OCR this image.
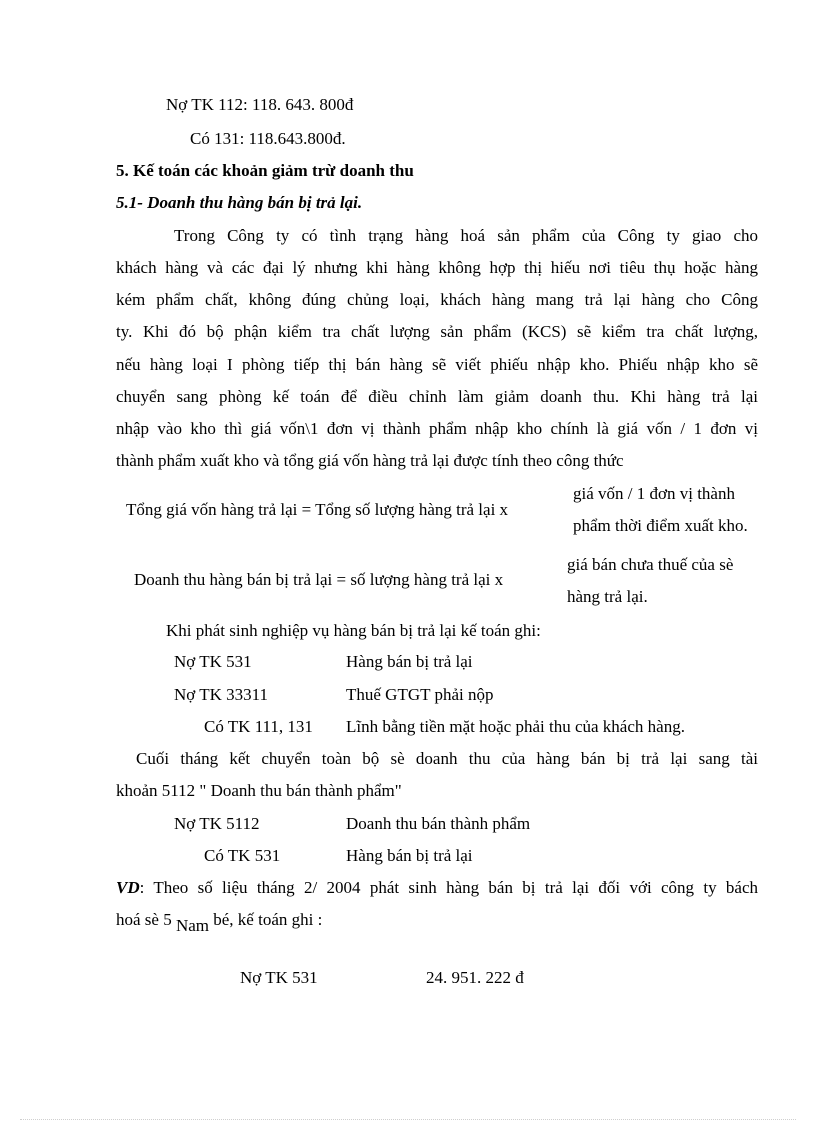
Nợ TK 112: 118. 643. 800đ
Có 131: 118.643.800đ.
5. Kế toán các khoản giảm trừ doanh thu
5.1- Doanh thu hàng bán bị trả lại.
Trong Công ty có tình trạng hàng hoá sản phẩm của Công ty giao cho
khách hàng và các đại lý nhưng khi hàng không hợp thị hiếu nơi tiêu thụ hoặc hàng
kém phẩm chất, không đúng chủng loại, khách hàng mang trả lại hàng cho Công
ty. Khi đó bộ phận kiểm tra chất lượng sản phẩm (KCS) sẽ kiểm tra chất lượng,
nếu hàng loại I phòng tiếp thị bán hàng sẽ viết phiếu nhập kho. Phiếu nhập kho sẽ
chuyển sang phòng kế toán để điều chỉnh làm giảm doanh thu. Khi hàng trả lại
nhập vào kho thì giá vốn\1 đơn vị thành phẩm nhập kho chính là giá vốn / 1 đơn vị
thành phẩm xuất kho và tổng giá vốn hàng trả lại được tính theo công thức
Tổng giá vốn hàng trả lại = Tổng số lượng hàng trả lại x
giá vốn / 1 đơn vị thành
phẩm thời điểm xuất kho.
Doanh thu hàng bán bị trả lại = số lượng hàng trả lại x
giá bán chưa thuế của sè
hàng trả lại.
Khi phát sinh nghiệp vụ hàng bán bị trả lại kế toán ghi:
Nợ TK 531	Hàng bán bị trả lại
Nợ TK 33311	Thuế GTGT phải nộp
Có TK 111, 131 Lĩnh bằng tiền mặt hoặc phải thu của khách hàng.
Cuối tháng kết chuyển toàn bộ sè doanh thu của hàng bán bị trả lại sang tài
khoản 5112 " Doanh thu bán thành phẩm"
Nợ TK 5112	Doanh thu bán thành phẩm
Có TK 531	Hàng bán bị trả lại
VD: Theo số liệu tháng 2/ 2004 phát sinh hàng bán bị trả lại đối với công ty bách
hoá sè 5 Nam bé, kế toán ghi :
Nợ TK 531	24. 951. 222 đ
